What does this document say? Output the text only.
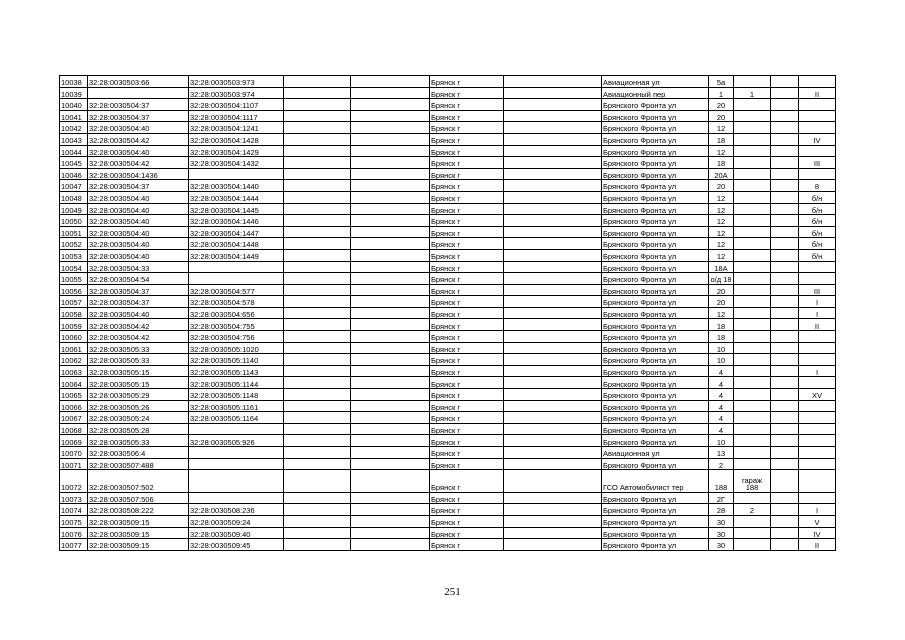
10038	32:28:0030503:66	32:28:0030503:973			Брянск г		Авиационная ул	5а			
10039		32:28:0030503:974			Брянск г		Авиационный пер	1	1		II
10040	32:28:0030504:37	32:28:0030504:1107			Брянск г		Брянского Фронта ул	20			
10041	32:28:0030504:37	32:28:0030504:1117			Брянск г		Брянского Фронта ул	20			
10042	32:28:0030504:40	32:28:0030504:1241			Брянск г		Брянского Фронта ул	12			
10043	32:28:0030504:42	32:28:0030504:1428			Брянск г		Брянского Фронта ул	18			IV
10044	32:28:0030504:40	32:28:0030504:1429			Брянск г		Брянского Фронта ул	12			
10045	32:28:0030504:42	32:28:0030504:1432			Брянск г		Брянского Фронта ул	18			III
10046	32:28:0030504:1436				Брянск г		Брянского Фронта ул	20А			
10047	32:28:0030504:37	32:28:0030504:1440			Брянск г		Брянского Фронта ул	20			8
10048	32:28:0030504:40	32:28:0030504:1444			Брянск г		Брянского Фронта ул	12			б/н
10049	32:28:0030504:40	32:28:0030504:1445			Брянск г		Брянского Фронта ул	12			б/н
10050	32:28:0030504:40	32:28:0030504:1446			Брянск г		Брянского Фронта ул	12			б/н
10051	32:28:0030504:40	32:28:0030504:1447			Брянск г		Брянского Фронта ул	12			б/н
10052	32:28:0030504:40	32:28:0030504:1448			Брянск г		Брянского Фронта ул	12			б/н
10053	32:28:0030504:40	32:28:0030504:1449			Брянск г		Брянского Фронта ул	12			б/н
10054	32:28:0030504:33				Брянск г		Брянского Фронта ул	18А			
10055	32:28:0030504:54				Брянск г		Брянского Фронта ул	о/д 18			
10056	32:28:0030504:37	32:28:0030504:577			Брянск г		Брянского Фронта ул	20			III
10057	32:28:0030504:37	32:28:0030504:578			Брянск г		Брянского Фронта ул	20			I
10058	32:28:0030504:40	32:28:0030504:656			Брянск г		Брянского Фронта ул	12			I
10059	32:28:0030504:42	32:28:0030504:755			Брянск г		Брянского Фронта ул	18			II
10060	32:28:0030504:42	32:28:0030504:756			Брянск г		Брянского Фронта ул	18			
10061	32:28:0030505:33	32:28:0030505:1020			Брянск г		Брянского Фронта ул	10			
10062	32:28:0030505:33	32:28:0030505:1140			Брянск г		Брянского Фронта ул	10			
10063	32:28:0030505:15	32:28:0030505:1143			Брянск г		Брянского Фронта ул	4			I
10064	32:28:0030505:15	32:28:0030505:1144			Брянск г		Брянского Фронта ул	4			
10065	32:28:0030505:29	32:28:0030505:1148			Брянск г		Брянского Фронта ул	4			XV
10066	32:28:0030505:26	32:28:0030505:1161			Брянск г		Брянского Фронта ул	4			
10067	32:28:0030505:24	32:28:0030505:1164			Брянск г		Брянского Фронта ул	4			
10068	32:28:0030505:28				Брянск г		Брянского Фронта ул	4			
10069	32:28:0030505:33	32:28:0030505:926			Брянск г		Брянского Фронта ул	10			
10070	32:28:0030506:4				Брянск г		Авиационная ул	13			
10071	32:28:0030507:488				Брянск г		Брянского Фронта ул	2			
10072	32:28:0030507:502				Брянск г		ГСО Автомобилист тер	188	гараж 188		
10073	32:28:0030507:506				Брянск г		Брянского Фронта ул	2Г			
10074	32:28:0030508:222	32:28:0030508:236			Брянск г		Брянского Фронта ул	28	2		I
10075	32:28:0030509:15	32:28:0030509:24			Брянск г		Брянского Фронта ул	30			V
10076	32:28:0030509:15	32:28:0030509:40			Брянск г		Брянского Фронта ул	30			IV
10077	32:28:0030509:15	32:28:0030509:45			Брянск г		Брянского Фронта ул	30			II
251
